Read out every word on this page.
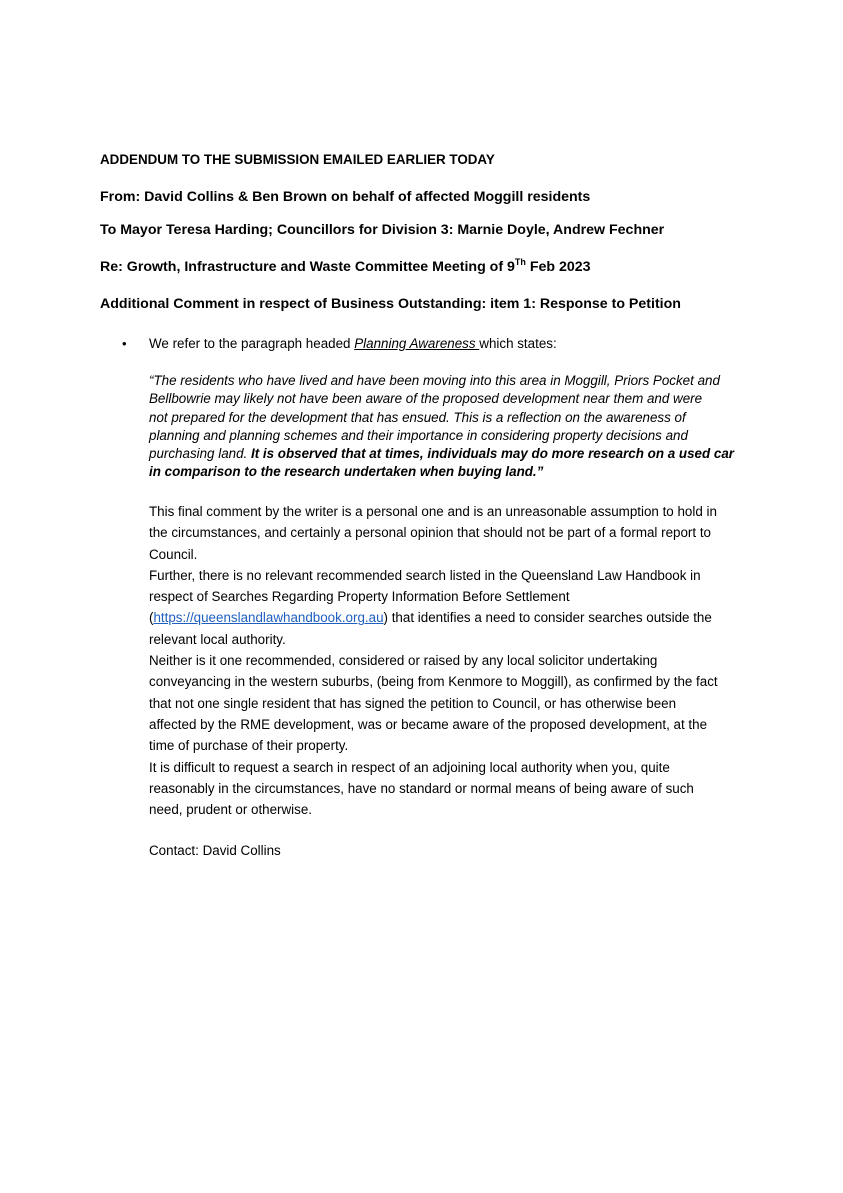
ADDENDUM TO THE SUBMISSION EMAILED EARLIER TODAY
From: David Collins & Ben Brown on behalf of affected Moggill residents
To Mayor Teresa Harding; Councillors for Division 3: Marnie Doyle, Andrew Fechner
Re: Growth, Infrastructure and Waste Committee Meeting of 9Th Feb 2023
Additional Comment in respect of Business Outstanding: item 1: Response to Petition
• We refer to the paragraph headed Planning Awareness which states:
“The residents who have lived and have been moving into this area in Moggill, Priors Pocket and
Bellbowrie may likely not have been aware of the proposed development near them and were
not prepared for the development that has ensued. This is a reflection on the awareness of
planning and planning schemes and their importance in considering property decisions and
purchasing land. It is observed that at times, individuals may do more research on a used car
in comparison to the research undertaken when buying land.”
This final comment by the writer is a personal one and is an unreasonable assumption to hold in
the circumstances, and certainly a personal opinion that should not be part of a formal report to
Council.
Further, there is no relevant recommended search listed in the Queensland Law Handbook in
respect of Searches Regarding Property Information Before Settlement
(https://queenslandlawhandbook.org.au) that identifies a need to consider searches outside the
relevant local authority.
Neither is it one recommended, considered or raised by any local solicitor undertaking
conveyancing in the western suburbs, (being from Kenmore to Moggill), as confirmed by the fact
that not one single resident that has signed the petition to Council, or has otherwise been
affected by the RME development, was or became aware of the proposed development, at the
time of purchase of their property.
It is difficult to request a search in respect of an adjoining local authority when you, quite
reasonably in the circumstances, have no standard or normal means of being aware of such
need, prudent or otherwise.
Contact: David Collins
